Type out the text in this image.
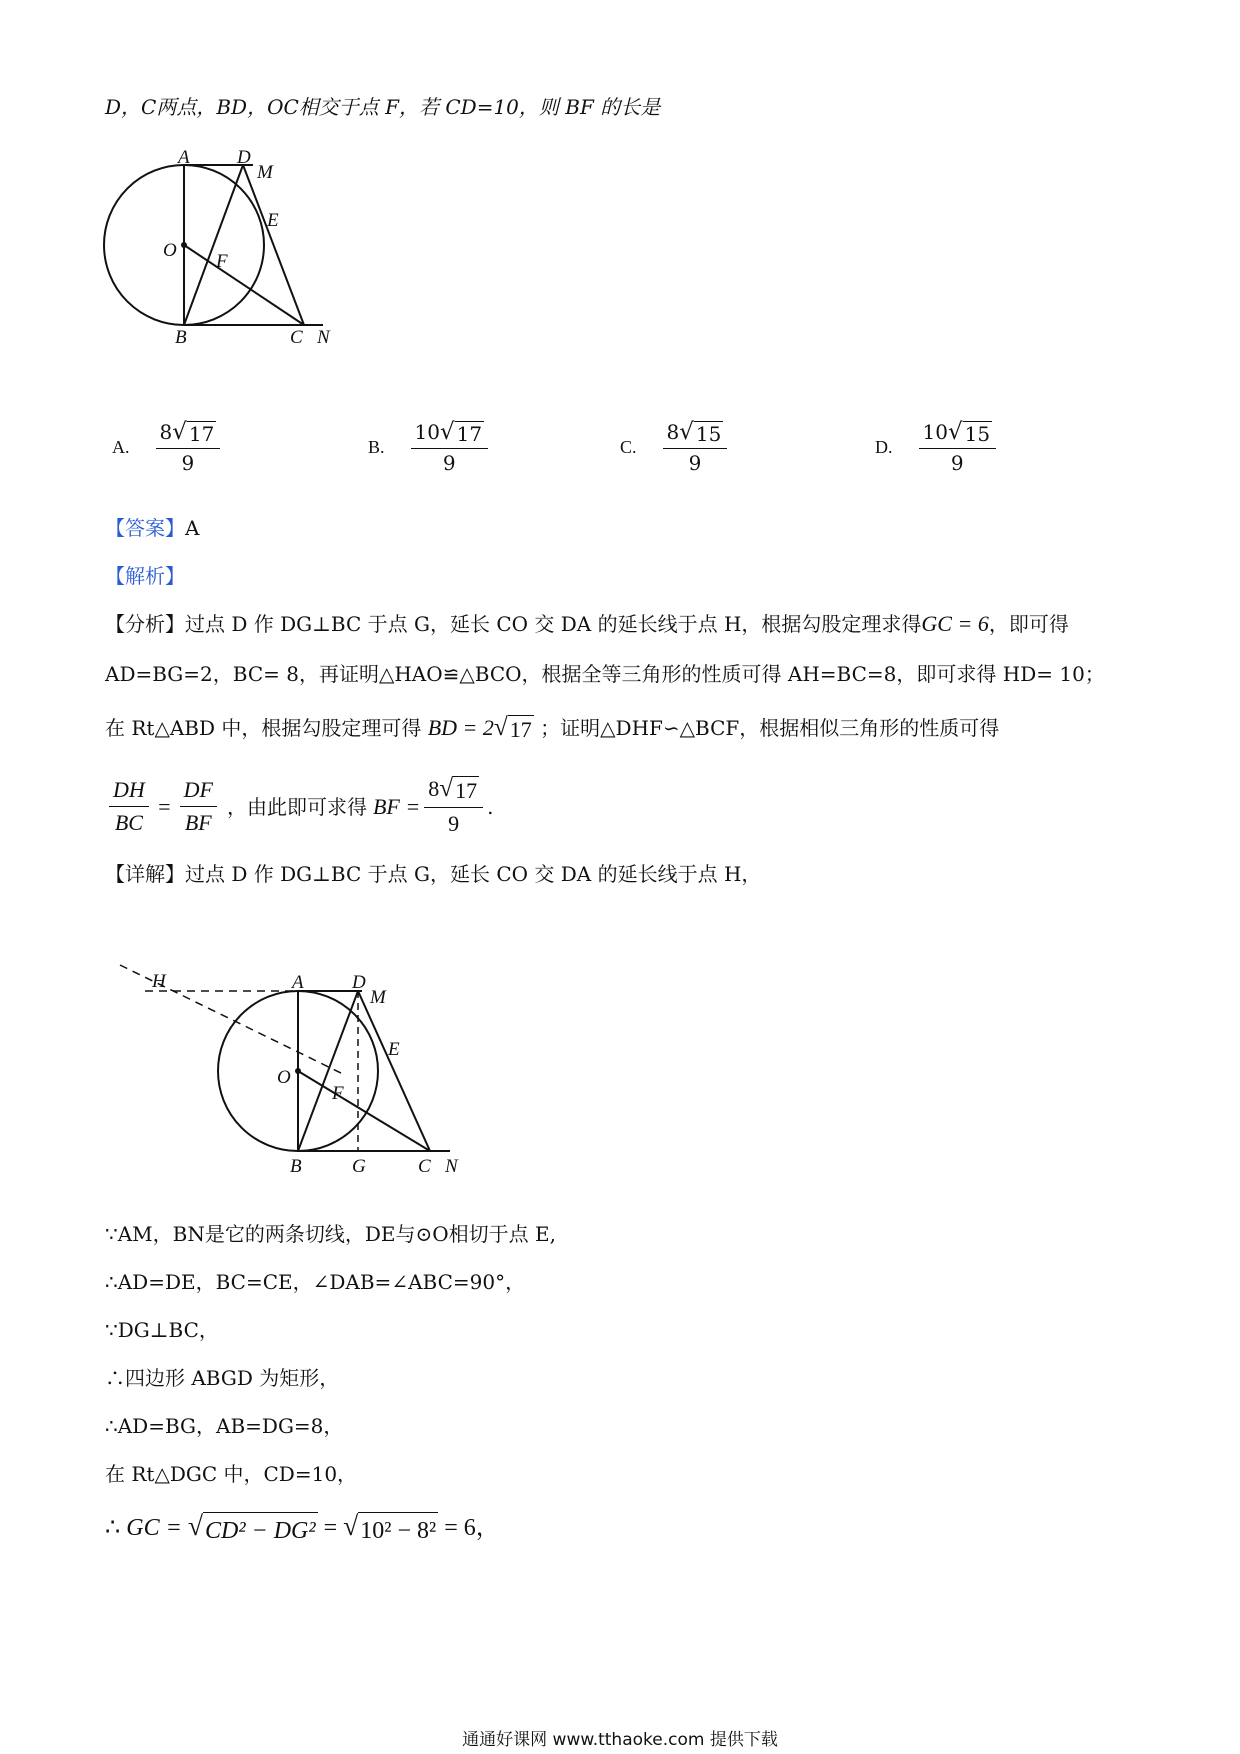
D，C两点，BD，OC相交于点 F，若 CD=10，则 BF 的长是
A D
M
E
O
F
B	C N
A. $\frac{8 √ 17}{9}$	B. $\frac{10 √ 17}{9}$	C. $\frac{8 √ 15}{9}$	D. $\frac{10 √ 15}{9}$
【答案】A
【解析】
【分析】过点 D 作 DG⊥BC 于点 G，延长 CO 交 DA 的延长线于点 H，根据勾股定理求得GC = 6，即可得
AD=BG=2，BC= 8，再证明△HAO≌△BCO，根据全等三角形的性质可得 AH=BC=8，即可求得 HD= 10；
在 Rt△ABD 中，根据勾股定理可得 BD = 2 √ 17 ；证明△DHF∽△BCF，根据相似三角形的性质可得
$\frac{DH}{BC} = \frac{DF}{BF}$ ，由此即可求得 BF = $\frac{8 √ 17}{9}$ .
【详解】过点 D 作 DG⊥BC 于点 G，延长 CO 交 DA 的延长线于点 H，
H	A	D
M
E
O
F
B	G	C N
∵AM，BN是它的两条切线，DE与⊙O相切于点 E,
∴AD=DE，BC=CE，∠DAB=∠ABC=90°，
∵DG⊥BC，
∴四边形 ABGD 为矩形，
∴AD=BG，AB=DG=8，
在 Rt△DGC 中，CD=10，
∴ GC = √ CD² − DG² = √ 10² − 8² = 6，
通通好课网 www.tthaoke.com 提供下载
